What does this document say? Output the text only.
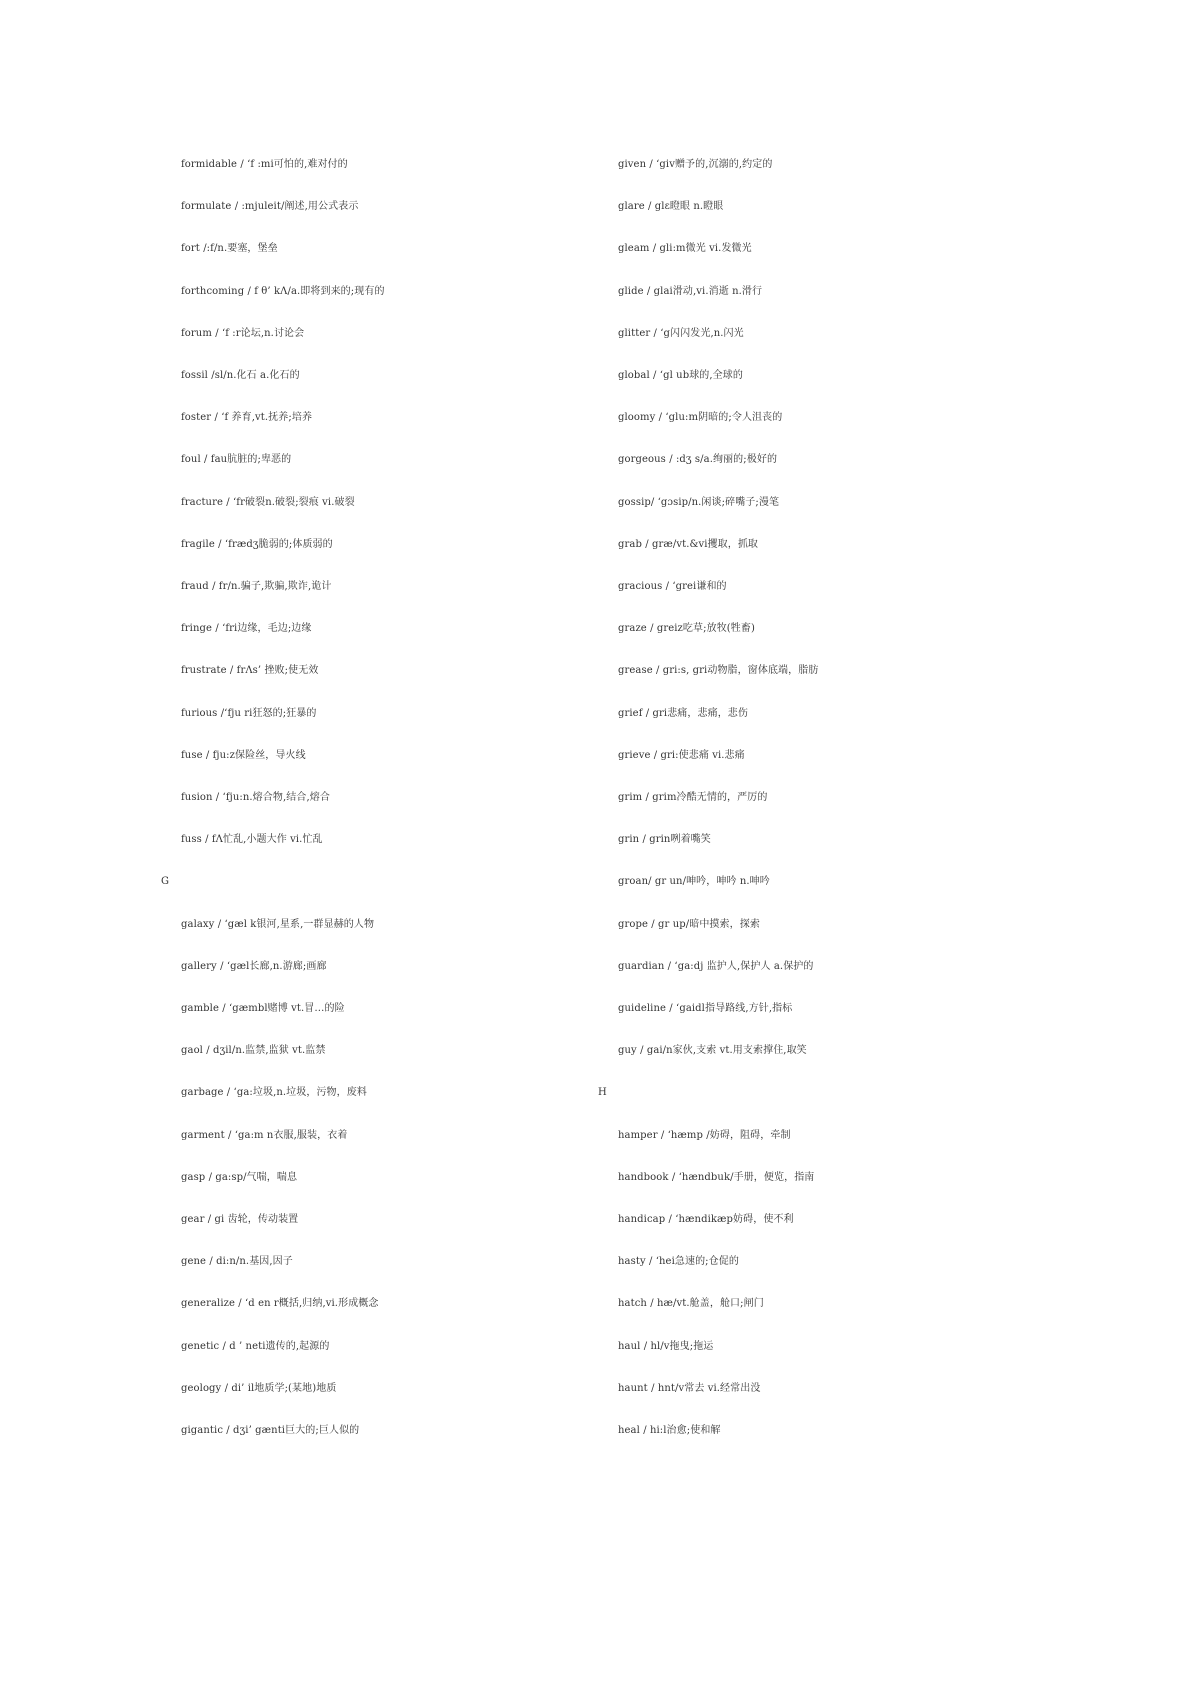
formidable / ‘f :mi可怕的,难对付的
formulate / :mjuleit/阐述,用公式表示
fort /:f/n.要塞，堡垒
forthcoming / f θ’ kΛ/a.即将到来的;现有的
forum / ‘f :r论坛,n.讨论会
fossil /sl/n.化石 a.化石的
foster / ‘f 养育,vt.抚养;培养
foul / fau肮脏的;卑恶的
fracture / ‘fr破裂n.破裂;裂痕 vi.破裂
fragile / ‘frædʒ脆弱的;体质弱的
fraud / fr/n.骗子,欺骗,欺诈,诡计
fringe / ‘fri边缘，毛边;边缘
frustrate / frΛs’ 挫败;使无效
furious /‘fju ri狂怒的;狂暴的
fuse / fju:z保险丝，导火线
fusion / ‘fju:n.熔合物,结合,熔合
fuss / fΛ忙乱,小题大作 vi.忙乱
G
galaxy / ‘gæl k银河,星系,一群显赫的人物
gallery / ‘gæl长廊,n.游廊;画廊
gamble / ‘gæmbl赌博 vt.冒…的险
gaol / dʒil/n.监禁,监狱 vt.监禁
garbage / ‘ga:垃圾,n.垃圾，污物，废料
garment / ‘ga:m n衣服,服装，衣着
gasp / ga:sp/气喘，喘息
gear / gi 齿轮，传动装置
gene / di:n/n.基因,因子
generalize / ‘d en r概括,归纳,vi.形成概念
genetic / d ’ neti遗传的,起源的
geology / di’ il地质学;(某地)地质
gigantic / dʒi’ gænti巨大的;巨人似的
given / ‘giv赠予的,沉溺的,约定的
glare / glɛ瞪眼 n.瞪眼
gleam / gli:m微光 vi.发微光
glide / glai滑动,vi.消逝 n.滑行
glitter / ‘g闪闪发光,n.闪光
global / ‘gl ub球的,全球的
gloomy / ‘glu:m阴暗的;令人沮丧的
gorgeous / :dʒ s/a.绚丽的;极好的
gossip/ ‘gɔsip/n.闲谈;碎嘴子;漫笔
grab / græ/vt.&vi攫取，抓取
gracious / ‘grei谦和的
graze / greiz吃草;放牧(牲畜)
grease / gri:s, gri动物脂，窗体底端，脂肪
grief / gri悲痛，悲痛，悲伤
grieve / gri:使悲痛 vi.悲痛
grim / grim冷酷无情的，严厉的
grin / grin咧着嘴笑
groan/ gr un/呻吟，呻吟 n.呻吟
grope / gr up/暗中摸索，探索
guardian / ‘ga:dj 监护人,保护人 a.保护的
guideline / ‘gaidl指导路线,方针,指标
guy / gai/n家伙,支索 vt.用支索撑住,取笑
H
hamper / ‘hæmp /妨碍，阻碍，牵制
handbook / ‘hændbuk/手册，便览，指南
handicap / ‘hændikæp妨碍，使不利
hasty / ‘hei急速的;仓促的
hatch / hæ/vt.舱盖，舱口;闸门
haul / hl/v拖曳;拖运
haunt / hnt/v常去 vi.经常出没
heal / hi:l治愈;使和解
